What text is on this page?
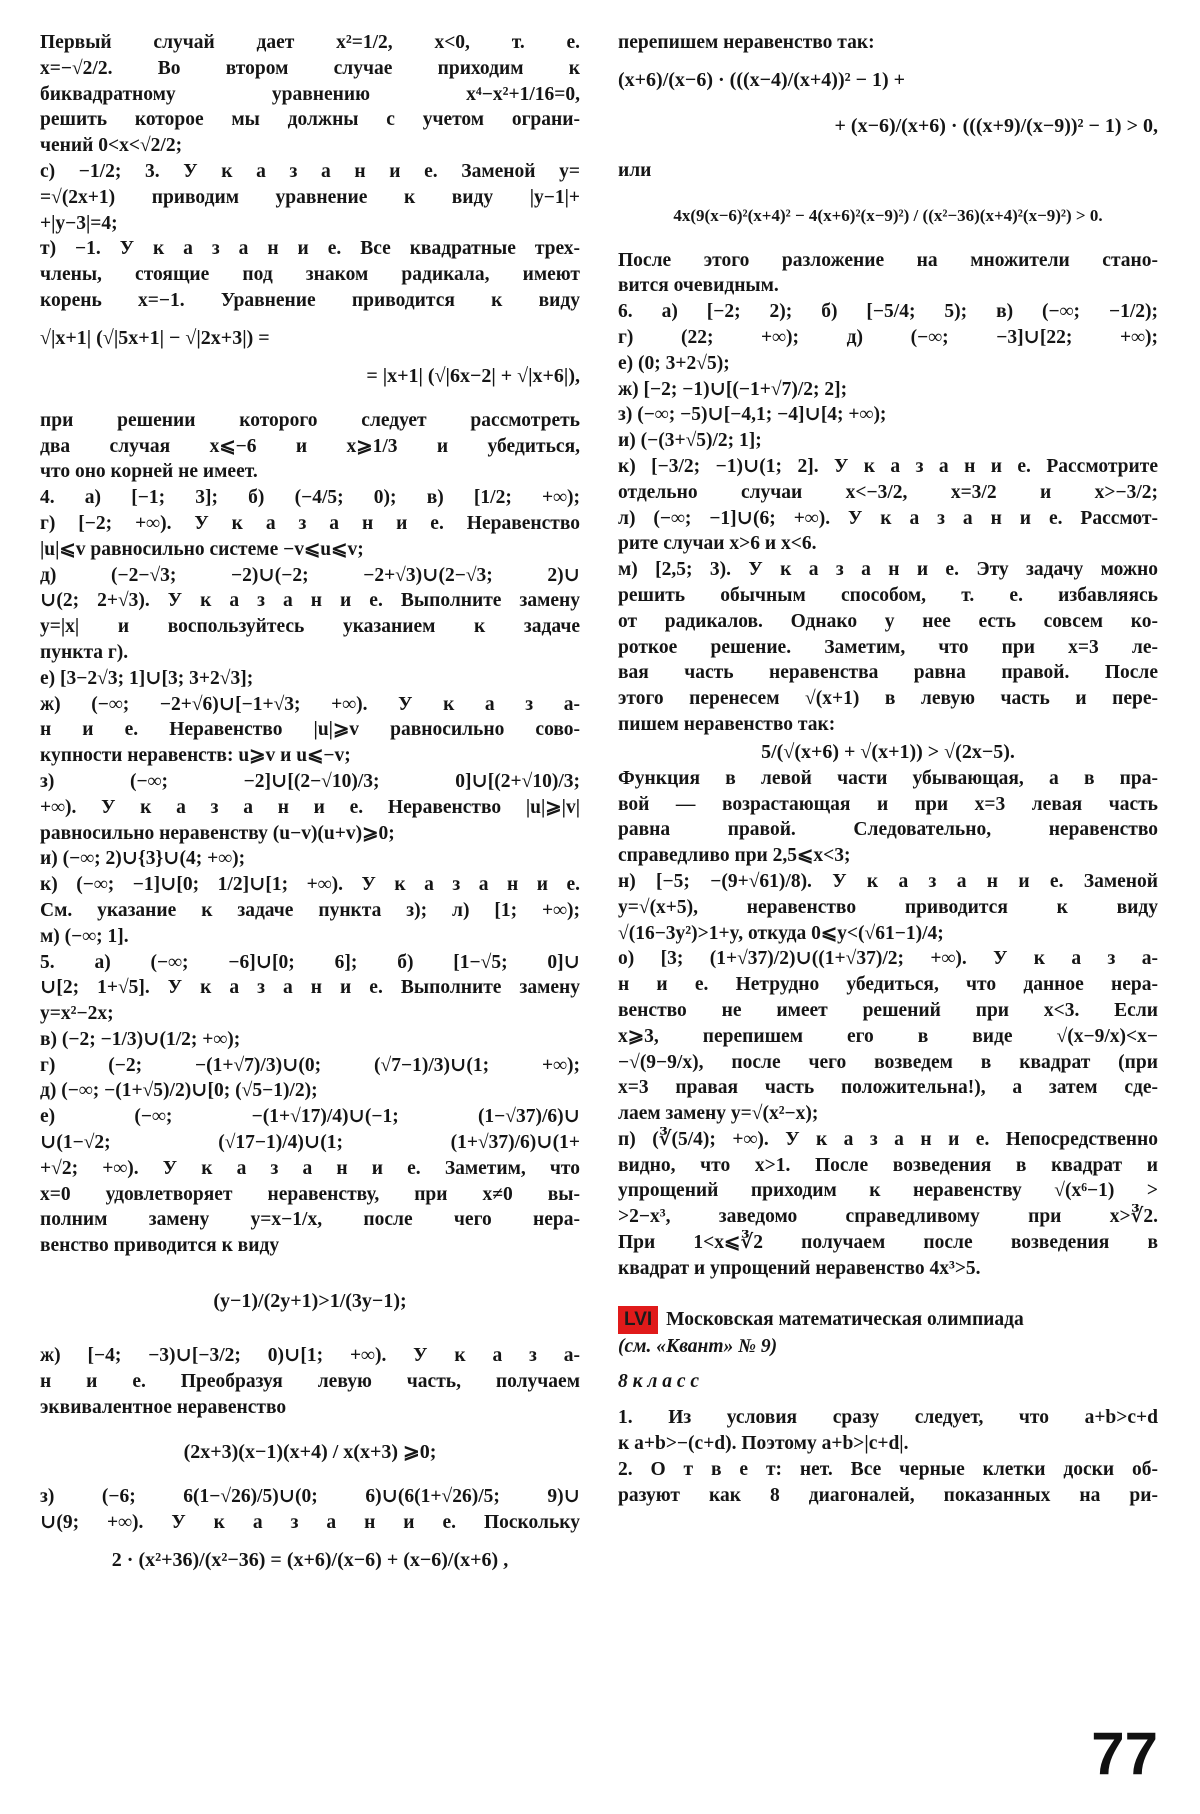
Первый случай дает x²=1/2, x<0, т. е.
x=−√2/2. Во втором случае приходим к
биквадратному уравнению x⁴−x²+1/16=0,
решить которое мы должны с учетом ограни-
чений 0<x<√2/2;
с) −1/2; 3. У к а з а н и е. Заменой y=
=√(2x+1) приводим уравнение к виду |y−1|+
+|y−3|=4;
т) −1. У к а з а н и е. Все квадратные трех-
члены, стоящие под знаком радикала, имеют
корень x=−1. Уравнение приводится к виду
√|x+1| (√|5x+1| − √|2x+3|) =
= |x+1| (√|6x−2| + √|x+6|),
при решении которого следует рассмотреть
два случая x⩽−6 и x⩾1/3 и убедиться,
что оно корней не имеет.
4. а) [−1; 3]; б) (−4/5; 0); в) [1/2; +∞);
г) [−2; +∞). У к а з а н и е. Неравенство
|u|⩽v равносильно системе −v⩽u⩽v;
д) (−2−√3; −2)∪(−2; −2+√3)∪(2−√3; 2)∪
∪(2; 2+√3). У к а з а н и е. Выполните замену
y=|x| и воспользуйтесь указанием к задаче
пункта г).
е) [3−2√3; 1]∪[3; 3+2√3];
ж) (−∞; −2+√6)∪[−1+√3; +∞). У к а з а-
н и е. Неравенство |u|⩾v равносильно сово-
купности неравенств: u⩾v и u⩽−v;
з) (−∞; −2]∪[(2−√10)/3; 0]∪[(2+√10)/3;
+∞). У к а з а н и е. Неравенство |u|⩾|v|
равносильно неравенству (u−v)(u+v)⩾0;
и) (−∞; 2)∪{3}∪(4; +∞);
к) (−∞; −1]∪[0; 1/2]∪[1; +∞). У к а з а н и е.
См. указание к задаче пункта з); л) [1; +∞);
м) (−∞; 1].
5. а) (−∞; −6]∪[0; 6]; б) [1−√5; 0]∪
∪[2; 1+√5]. У к а з а н и е. Выполните замену
y=x²−2x;
в) (−2; −1/3)∪(1/2; +∞);
г) (−2; −(1+√7)/3)∪(0; (√7−1)/3)∪(1; +∞);
д) (−∞; −(1+√5)/2)∪[0; (√5−1)/2);
е) (−∞; −(1+√17)/4)∪(−1; (1−√37)/6)∪
∪(1−√2; (√17−1)/4)∪(1; (1+√37)/6)∪(1+
+√2; +∞). У к а з а н и е. Заметим, что
x=0 удовлетворяет неравенству, при x≠0 вы-
полним замену y=x−1/x, после чего нера-
венство приводится к виду
(y−1)/(2y+1)>1/(3y−1);
ж) [−4; −3)∪[−3/2; 0)∪[1; +∞). У к а з а-
н и е. Преобразуя левую часть, получаем
эквивалентное неравенство
(2x+3)(x−1)(x+4) / x(x+3) ⩾0;
з) (−6; 6(1−√26)/5)∪(0; 6)∪(6(1+√26)/5; 9)∪
∪(9; +∞). У к а з а н и е. Поскольку
2 · (x²+36)/(x²−36) = (x+6)/(x−6) + (x−6)/(x+6) ,
перепишем неравенство так:
(x+6)/(x−6) · (((x−4)/(x+4))² − 1) +
+ (x−6)/(x+6) · (((x+9)/(x−9))² − 1) > 0,
или
4x(9(x−6)²(x+4)² − 4(x+6)²(x−9)²) / ((x²−36)(x+4)²(x−9)²) > 0.
После этого разложение на множители стано-
вится очевидным.
6. а) [−2; 2); б) [−5/4; 5); в) (−∞; −1/2);
г) (22; +∞); д) (−∞; −3]∪[22; +∞);
е) (0; 3+2√5);
ж) [−2; −1)∪[(−1+√7)/2; 2];
з) (−∞; −5)∪[−4,1; −4]∪[4; +∞);
и) (−(3+√5)/2; 1];
к) [−3/2; −1)∪(1; 2]. У к а з а н и е. Рассмотрите
отдельно случаи x<−3/2, x=3/2 и x>−3/2;
л) (−∞; −1]∪(6; +∞). У к а з а н и е. Рассмот-
рите случаи x>6 и x<6.
м) [2,5; 3). У к а з а н и е. Эту задачу можно
решить обычным способом, т. е. избавляясь
от радикалов. Однако у нее есть совсем ко-
роткое решение. Заметим, что при x=3 ле-
вая часть неравенства равна правой. После
этого перенесем √(x+1) в левую часть и пере-
пишем неравенство так:
5/(√(x+6) + √(x+1)) > √(2x−5).
Функция в левой части убывающая, а в пра-
вой — возрастающая и при x=3 левая часть
равна правой. Следовательно, неравенство
справедливо при 2,5⩽x<3;
н) [−5; −(9+√61)/8). У к а з а н и е. Заменой
y=√(x+5), неравенство приводится к виду
√(16−3y²)>1+y, откуда 0⩽y<(√61−1)/4;
о) [3; (1+√37)/2)∪((1+√37)/2; +∞). У к а з а-
н и е. Нетрудно убедиться, что данное нера-
венство не имеет решений при x<3. Если
x⩾3, перепишем его в виде √(x−9/x)<x−
−√(9−9/x), после чего возведем в квадрат (при
x=3 правая часть положительна!), а затем сде-
лаем замену y=√(x²−x);
п) (∛(5/4); +∞). У к а з а н и е. Непосредственно
видно, что x>1. После возведения в квадрат и
упрощений приходим к неравенству √(x⁶−1) >
>2−x³, заведомо справедливому при x>∛2.
При 1<x⩽∛2 получаем после возведения в
квадрат и упрощений неравенство 4x³>5.
LVI Московская математическая олимпиада
(см. «Квант» № 9)
8 к л а с с
1. Из условия сразу следует, что a+b>c+d
к a+b>−(c+d). Поэтому a+b>|c+d|.
2. О т в е т: нет. Все черные клетки доски об-
разуют как 8 диагоналей, показанных на ри-
77
